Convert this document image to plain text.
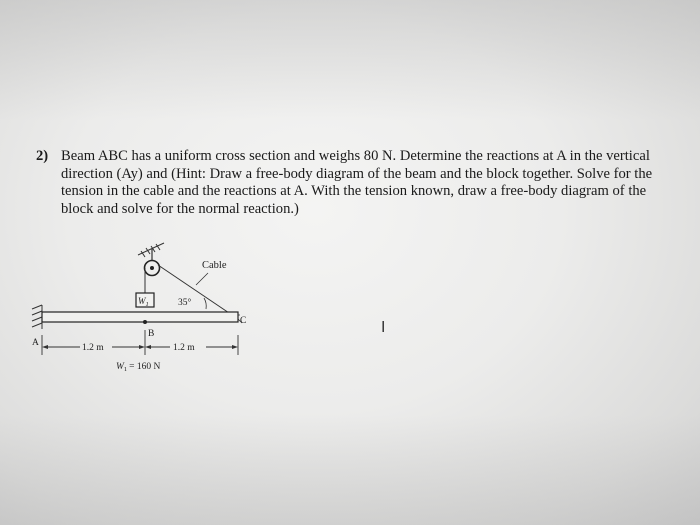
2) Beam ABC has a uniform cross section and weighs 80 N. Determine the reactions at A in the vertical
direction (Ay) and (Hint: Draw a free-body diagram of the beam and the block together. Solve for the
tension in the cable and the reactions at A. With the tension known, draw a free-body diagram of the
block and solve for the normal reaction.)
Cable
$W_1$	35°
C
A
B
1.2 m	1.2 m
$W_1 = 160$ N
I
